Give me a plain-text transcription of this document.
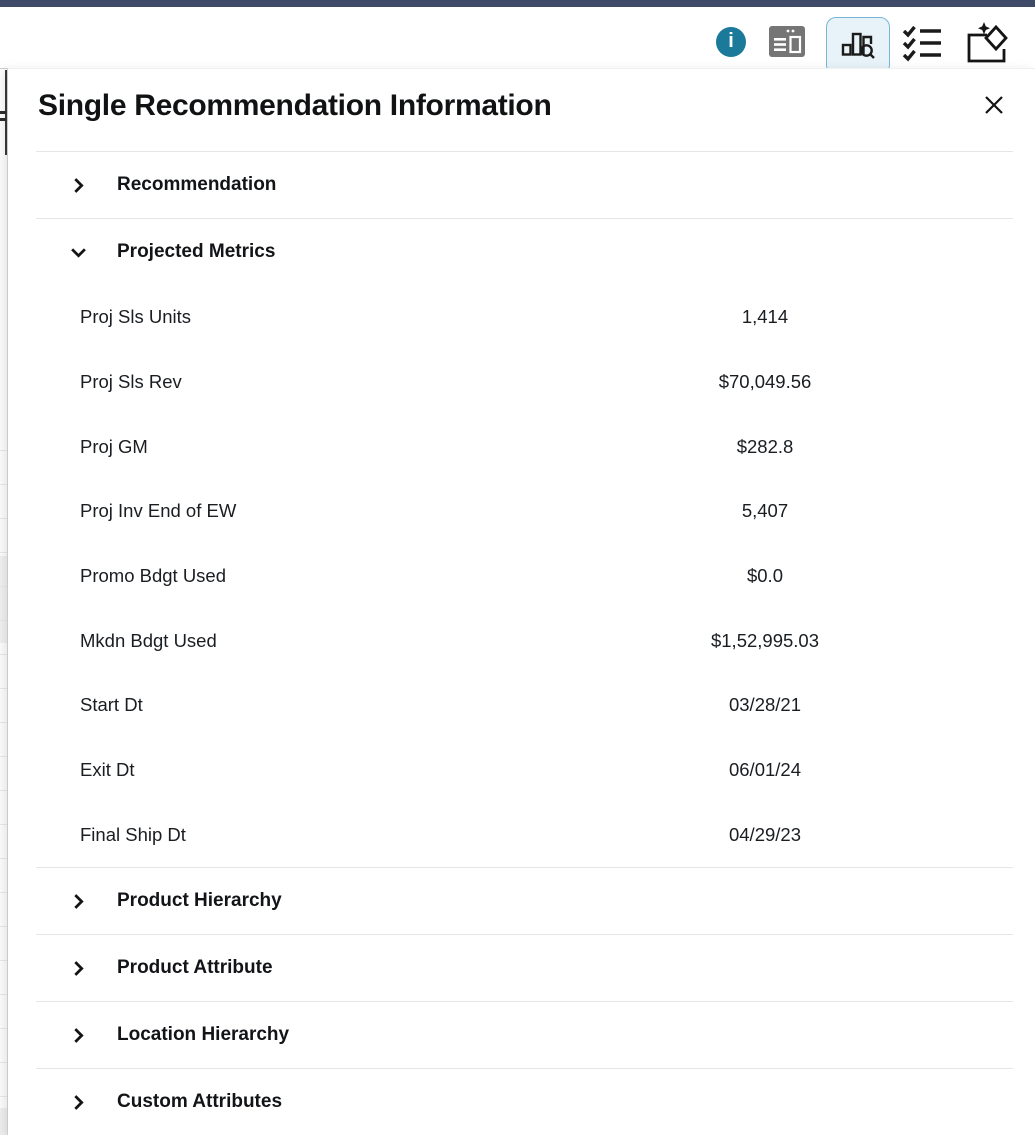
i
Single Recommendation Information
Recommendation
Projected Metrics
Proj Sls Units	1,414
Proj Sls Rev	$70,049.56
Proj GM	$282.8
Proj Inv End of EW	5,407
Promo Bdgt Used	$0.0
Mkdn Bdgt Used	$1,52,995.03
Start Dt	03/28/21
Exit Dt	06/01/24
Final Ship Dt	04/29/23
Product Hierarchy
Product Attribute
Location Hierarchy
Custom Attributes
